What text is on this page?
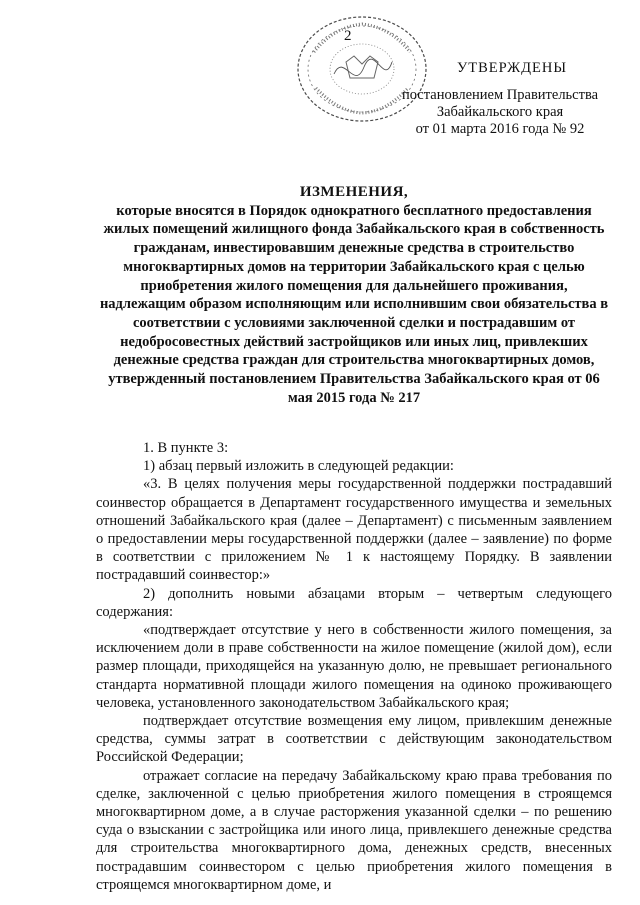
2
УТВЕРЖДЕНЫ
постановлением Правительства
Забайкальского края
от 01 марта 2016 года № 92
ИЗМЕНЕНИЯ,
которые вносятся в Порядок однократного бесплатного предоставления жилых помещений жилищного фонда Забайкальского края в собственность гражданам, инвестировавшим денежные средства в строительство многоквартирных домов на территории Забайкальского края с целью приобретения жилого помещения для дальнейшего проживания, надлежащим образом исполняющим или исполнившим свои обязательства в соответствии с условиями заключенной сделки и пострадавшим от недобросовестных действий застройщиков или иных лиц, привлекших денежные средства граждан для строительства многоквартирных домов, утвержденный постановлением Правительства Забайкальского края от 06 мая 2015 года № 217

1. В пункте 3:

1) абзац первый изложить в следующей редакции:

«3. В целях получения меры государственной поддержки пострадавший соинвестор обращается в Департамент государственного имущества и земельных отношений Забайкальского края (далее – Департамент) с письменным заявлением о предоставлении меры государственной поддержки (далее – заявление) по форме в соответствии с приложением № 1 к настоящему Порядку. В заявлении пострадавший соинвестор:»

2) дополнить новыми абзацами вторым – четвертым следующего содержания:

«подтверждает отсутствие у него в собственности жилого помещения, за исключением доли в праве собственности на жилое помещение (жилой дом), если размер площади, приходящейся на указанную долю, не превышает регионального стандарта нормативной площади жилого помещения на одиноко проживающего человека, установленного законодательством Забайкальского края;

подтверждает отсутствие возмещения ему лицом, привлекшим денежные средства, суммы затрат в соответствии с действующим законодательством Российской Федерации;

отражает согласие на передачу Забайкальскому краю права требования по сделке, заключенной с целью приобретения жилого помещения в строящемся многоквартирном доме, а в случае расторжения указанной сделки – по решению суда о взыскании с застройщика или иного лица, привлекшего денежные средства для строительства многоквартирного дома, денежных средств, внесенных пострадавшим соинвестором с целью приобретения жилого помещения в строящемся многоквартирном доме, и
